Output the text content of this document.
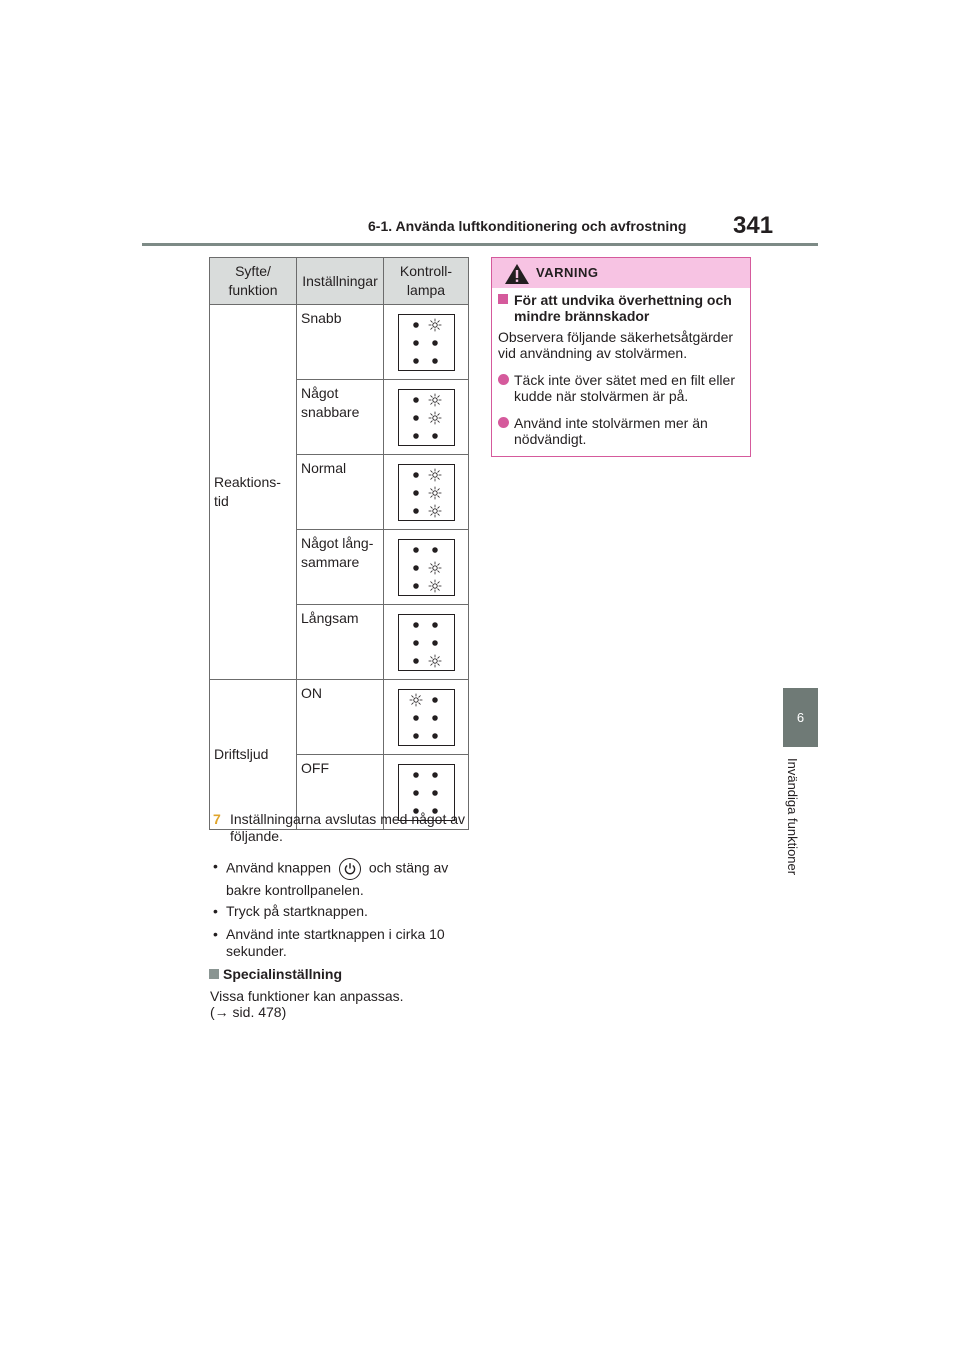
6-1. Använda luftkonditionering och avfrostning 341
6
Invändiga funktioner
Syfte/ funktion	Inställningar	Kontroll- lampa
Reaktions- tid	Snabb	

	Något snabbare	

	Normal	

	Något lång- sammare	

	Långsam	

Driftsljud	ON	

	OFF	
7 Inställningarna avslutas med något av följande.
• Använd knappen	och stäng av
bakre kontrollpanelen.
• Tryck på startknappen.
• Använd inte startknappen i cirka 10 sekunder.
Specialinställning
Vissa funktioner kan anpassas.
(→ sid. 478)
VARNING
För att undvika överhettning och mindre brännskador
Observera följande säkerhetsåtgärder vid användning av stolvärmen.
Täck inte över sätet med en filt eller kudde när stolvärmen är på.
Använd inte stolvärmen mer än nödvändigt.
